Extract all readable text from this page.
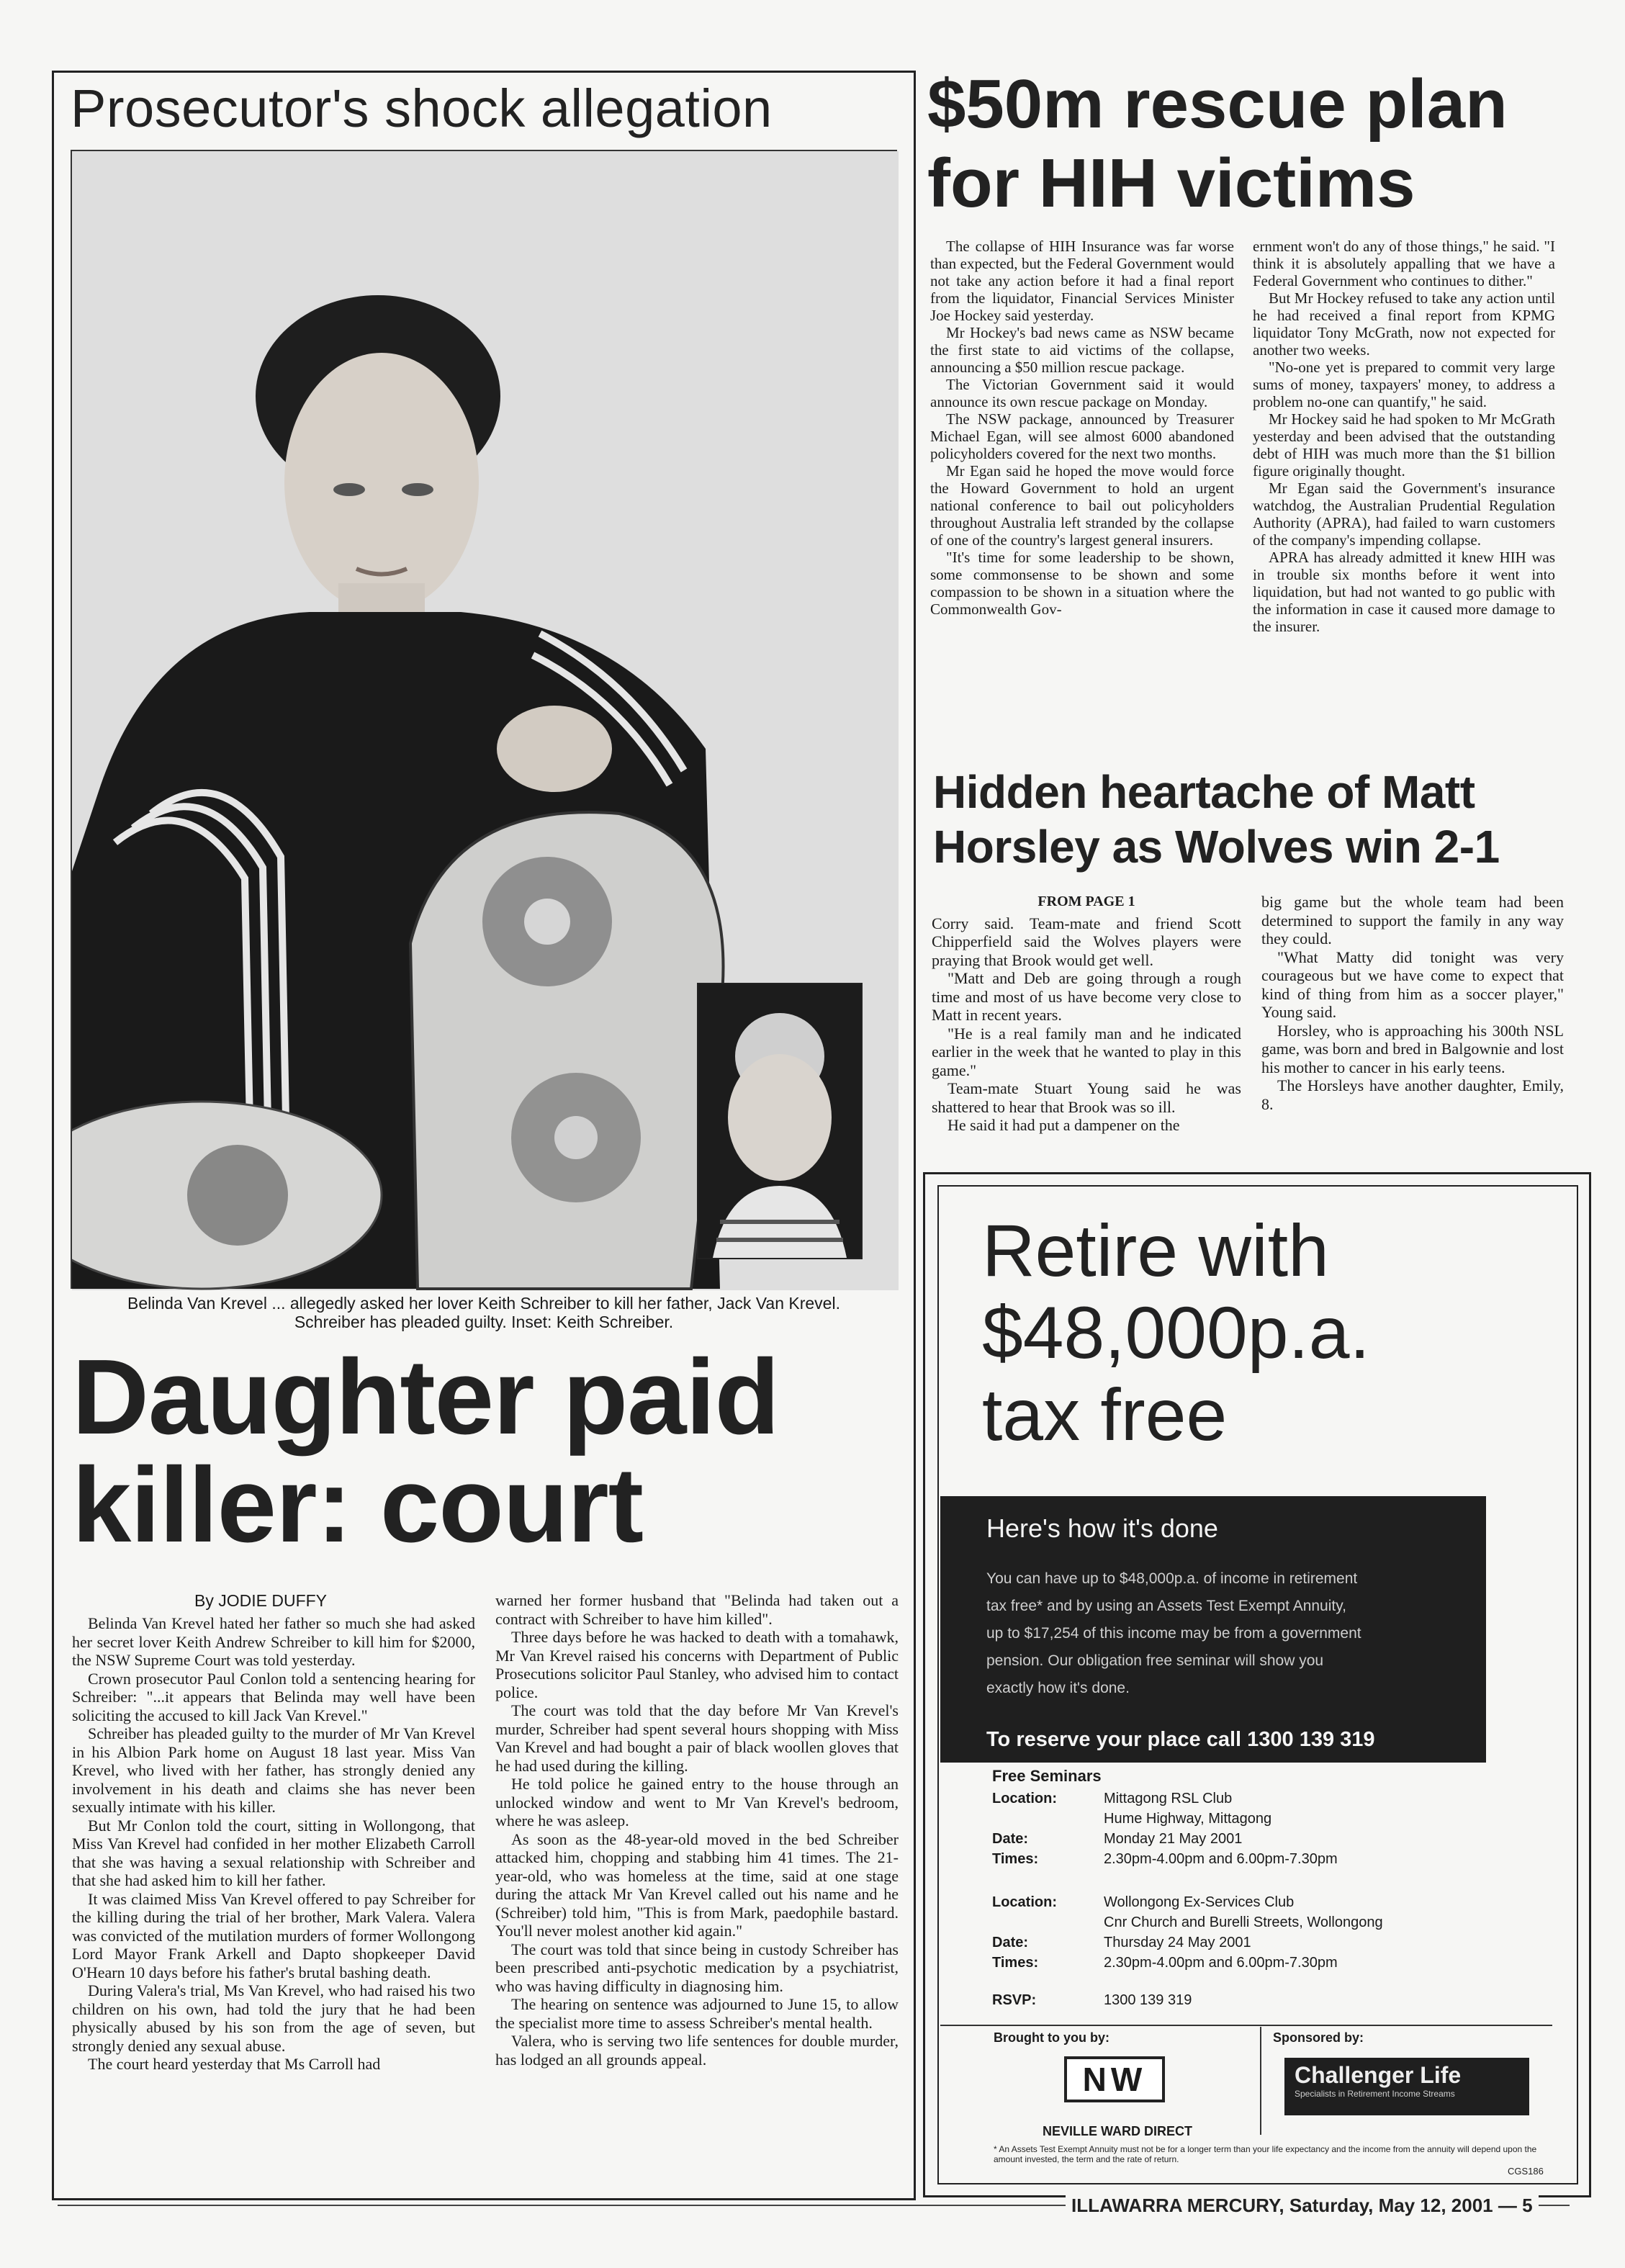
Prosecutor's shock allegation
Belinda Van Krevel ... allegedly asked her lover Keith Schreiber to kill her father, Jack Van Krevel.
Schreiber has pleaded guilty. Inset: Keith Schreiber.
Daughter paid
killer: court
By JODIE DUFFY

Belinda Van Krevel hated her father so much she had asked her secret lover Keith Andrew Schreiber to kill him for $2000, the NSW Supreme Court was told yesterday.

Crown prosecutor Paul Conlon told a sentencing hearing for Schreiber: "...it appears that Belinda may well have been soliciting the accused to kill Jack Van Krevel."

Schreiber has pleaded guilty to the murder of Mr Van Krevel in his Albion Park home on August 18 last year. Miss Van Krevel, who lived with her father, has strongly denied any involvement in his death and claims she has never been sexually intimate with his killer.

But Mr Conlon told the court, sitting in Wollongong, that Miss Van Krevel had confided in her mother Elizabeth Carroll that she was having a sexual relationship with Schreiber and that she had asked him to kill her father.

It was claimed Miss Van Krevel offered to pay Schreiber for the killing during the trial of her brother, Mark Valera. Valera was convicted of the mutilation murders of former Wollongong Lord Mayor Frank Arkell and Dapto shopkeeper David O'Hearn 10 days before his father's brutal bashing death.

During Valera's trial, Ms Van Krevel, who had raised his two children on his own, had told the jury that he had been physically abused by his son from the age of seven, but strongly denied any sexual abuse.

The court heard yesterday that Ms Carroll had

warned her former husband that "Belinda had taken out a contract with Schreiber to have him killed".

Three days before he was hacked to death with a tomahawk, Mr Van Krevel raised his concerns with Department of Public Prosecutions solicitor Paul Stanley, who advised him to contact police.

The court was told that the day before Mr Van Krevel's murder, Schreiber had spent several hours shopping with Miss Van Krevel and had bought a pair of black woollen gloves that he had used during the killing.

He told police he gained entry to the house through an unlocked window and went to Mr Van Krevel's bedroom, where he was asleep.

As soon as the 48-year-old moved in the bed Schreiber attacked him, chopping and stabbing him 41 times. The 21-year-old, who was homeless at the time, said at one stage during the attack Mr Van Krevel called out his name and he (Schreiber) told him, "This is from Mark, paedophile bastard. You'll never molest another kid again."

The court was told that since being in custody Schreiber has been prescribed anti-psychotic medication by a psychiatrist, who was having difficulty in diagnosing him.

The hearing on sentence was adjourned to June 15, to allow the specialist more time to assess Schreiber's mental health.

Valera, who is serving two life sentences for double murder, has lodged an all grounds appeal.

$50m rescue plan
for HIH victims

The collapse of HIH Insurance was far worse than expected, but the Federal Government would not take any action before it had a final report from the liquidator, Financial Services Minister Joe Hockey said yesterday.

Mr Hockey's bad news came as NSW became the first state to aid victims of the collapse, announcing a $50 million rescue package.

The Victorian Government said it would announce its own rescue package on Monday.

The NSW package, announced by Treasurer Michael Egan, will see almost 6000 abandoned policyholders covered for the next two months.

Mr Egan said he hoped the move would force the Howard Government to hold an urgent national conference to bail out policyholders throughout Australia left stranded by the collapse of one of the country's largest general insurers.

"It's time for some leadership to be shown, some commonsense to be shown and some compassion to be shown in a situation where the Commonwealth Gov-

ernment won't do any of those things," he said. "I think it is absolutely appalling that we have a Federal Government who continues to dither."

But Mr Hockey refused to take any action until he had received a final report from KPMG liquidator Tony McGrath, now not expected for another two weeks.

"No-one yet is prepared to commit very large sums of money, taxpayers' money, to address a problem no-one can quantify," he said.

Mr Hockey said he had spoken to Mr McGrath yesterday and been advised that the outstanding debt of HIH was much more than the $1 billion figure originally thought.

Mr Egan said the Government's insurance watchdog, the Australian Prudential Regulation Authority (APRA), had failed to warn customers of the company's impending collapse.

APRA has already admitted it knew HIH was in trouble six months before it went into liquidation, but had not wanted to go public with the information in case it caused more damage to the insurer.

Hidden heartache of Matt
Horsley as Wolves win 2-1
FROM PAGE 1

Corry said. Team-mate and friend Scott Chipperfield said the Wolves players were praying that Brook would get well.

"Matt and Deb are going through a rough time and most of us have become very close to Matt in recent years.

"He is a real family man and he indicated earlier in the week that he wanted to play in this game."

Team-mate Stuart Young said he was shattered to hear that Brook was so ill.

He said it had put a dampener on the

big game but the whole team had been determined to support the family in any way they could.

"What Matty did tonight was very courageous but we have come to expect that kind of thing from him as a soccer player," Young said.

Horsley, who is approaching his 300th NSL game, was born and bred in Balgownie and lost his mother to cancer in his early teens.

The Horsleys have another daughter, Emily, 8.

Retire with
$48,000p.a.
tax free
Here's how it's done
You can have up to $48,000p.a. of income in retirement
tax free* and by using an Assets Test Exempt Annuity,
up to $17,254 of this income may be from a government
pension. Our obligation free seminar will show you
exactly how it's done.
To reserve your place call 1300 139 319
Free Seminars
Location:	Mittagong RSL Club
Hume Highway, Mittagong
Date:	Monday 21 May 2001
Times:	2.30pm-4.00pm and 6.00pm-7.30pm
Location:	Wollongong Ex-Services Club
Cnr Church and Burelli Streets, Wollongong
Date:	Thursday 24 May 2001
Times:	2.30pm-4.00pm and 6.00pm-7.30pm
RSVP:	1300 139 319
Brought to you by:	Sponsored by:
NW
NEVILLE WARD DIRECT
Challenger Life
Specialists in Retirement Income Streams
* An Assets Test Exempt Annuity must not be for a longer term than your life expectancy and the income from the annuity will depend upon the amount invested, the term and the rate of return.
CGS186
ILLAWARRA MERCURY, Saturday, May 12, 2001 — 5
